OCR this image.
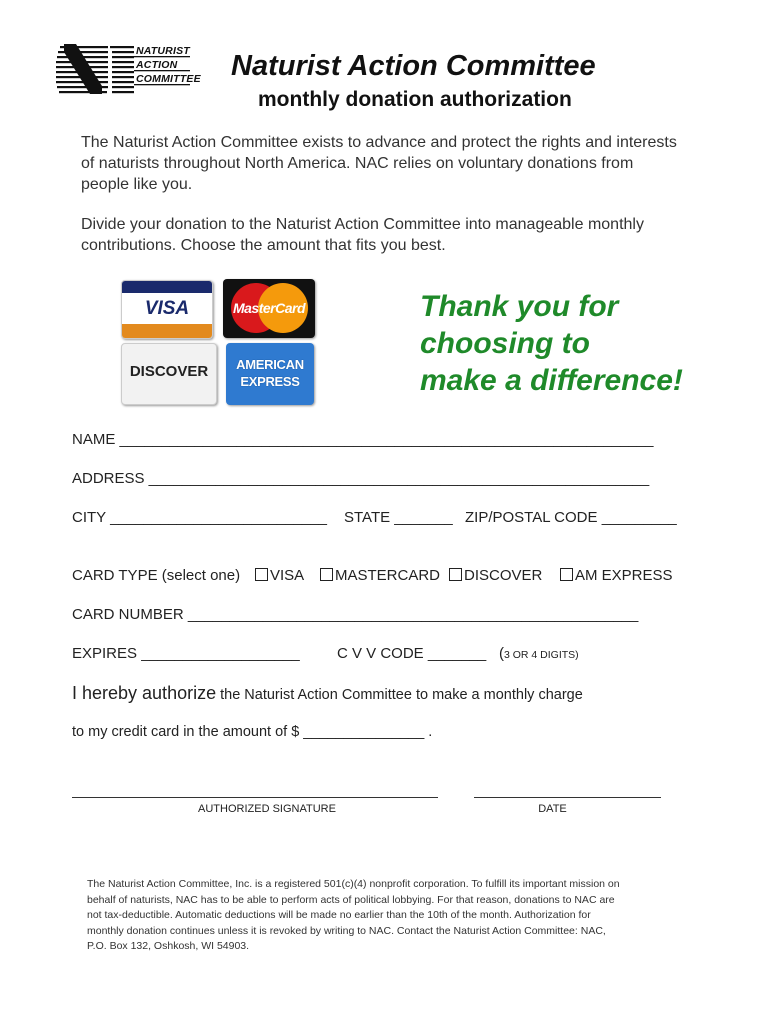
NATURIST
ACTION
COMMITTEE Naturist Action Committee
monthly donation authorization
The Naturist Action Committee exists to advance and protect the rights and interests of naturists throughout North America. NAC relies on voluntary donations from people like you.
Divide your donation to the Naturist Action Committee into manageable monthly contributions. Choose the amount that fits you best.
VISA	MasterCard
DISCOVER	AMERICAN
EXPRESS
Thank you for
choosing to
make a difference!
NAME ________________________________________________________________
ADDRESS ____________________________________________________________
CITY __________________________ STATE _______ ZIP/POSTAL CODE _________
CARD TYPE (select one)	VISA	MASTERCARD	DISCOVER	AM EXPRESS
CARD NUMBER ______________________________________________________
EXPIRES ___________________ C V V CODE _______ (3 OR 4 DIGITS)
I hereby authorize the Naturist Action Committee to make a monthly charge
to my credit card in the amount of $ _______________ .
AUTHORIZED SIGNATURE	DATE
The Naturist Action Committee, Inc. is a registered 501(c)(4) nonprofit corporation. To fulfill its important mission on behalf of naturists, NAC has to be able to perform acts of political lobbying. For that reason, donations to NAC are not tax-deductible. Automatic deductions will be made no earlier than the 10th of the month. Authorization for monthly donation continues unless it is revoked by writing to NAC. Contact the Naturist Action Committee: NAC, P.O. Box 132, Oshkosh, WI 54903.
